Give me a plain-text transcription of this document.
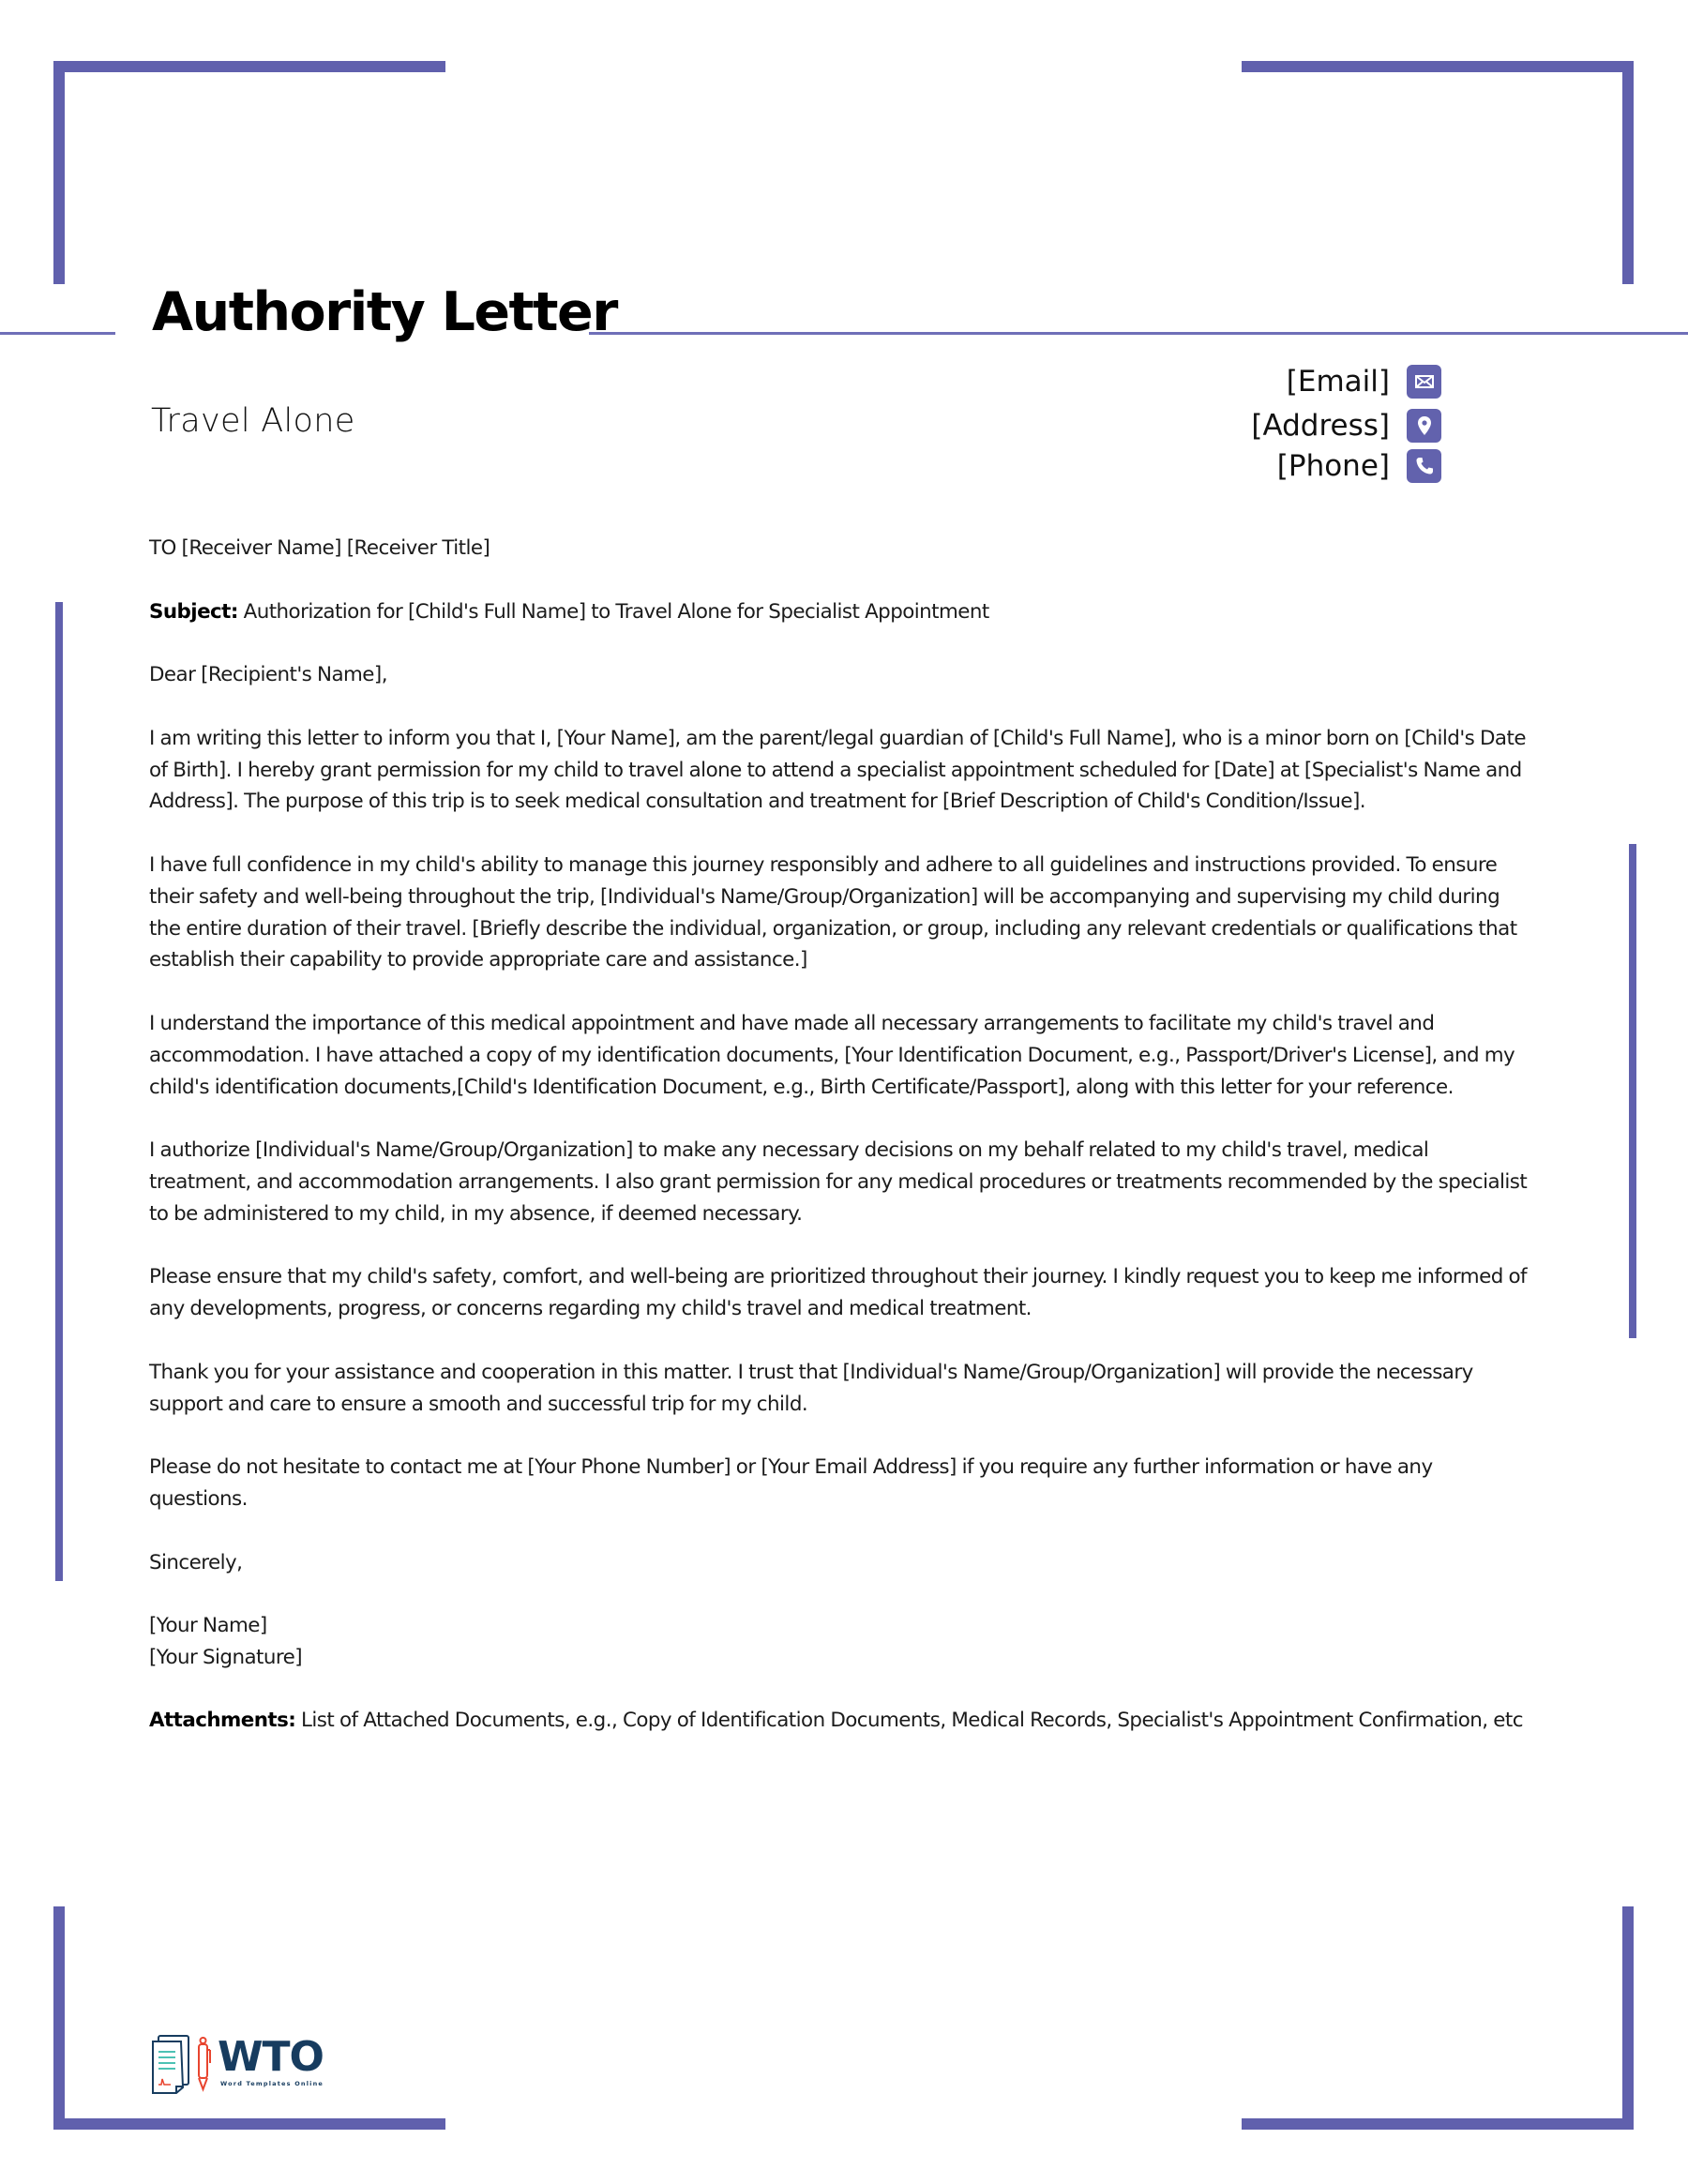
Authority Letter
Travel Alone
[Email]
[Address]
[Phone]

TO [Receiver Name] [Receiver Title]

Subject: Authorization for [Child's Full Name] to Travel Alone for Specialist Appointment

Dear [Recipient's Name],

I am writing this letter to inform you that I, [Your Name], am the parent/legal guardian of [Child's Full Name], who is a minor born on [Child's Date of Birth]. I hereby grant permission for my child to travel alone to attend a specialist appointment scheduled for [Date] at [Specialist's Name and Address]. The purpose of this trip is to seek medical consultation and treatment for [Brief Description of Child's Condition/Issue].

I have full confidence in my child's ability to manage this journey responsibly and adhere to all guidelines and instructions provided. To ensure their safety and well-being throughout the trip, [Individual's Name/Group/Organization] will be accompanying and supervising my child during the entire duration of their travel. [Briefly describe the individual, organization, or group, including any relevant credentials or qualifications that establish their capability to provide appropriate care and assistance.]

I understand the importance of this medical appointment and have made all necessary arrangements to facilitate my child's travel and accommodation. I have attached a copy of my identification documents, [Your Identification Document, e.g., Passport/Driver's License], and my child's identification documents,[Child's Identification Document, e.g., Birth Certificate/Passport], along with this letter for your reference.

I authorize [Individual's Name/Group/Organization] to make any necessary decisions on my behalf related to my child's travel, medical treatment, and accommodation arrangements. I also grant permission for any medical procedures or treatments recommended by the specialist to be administered to my child, in my absence, if deemed necessary.

Please ensure that my child's safety, comfort, and well-being are prioritized throughout their journey. I kindly request you to keep me informed of any developments, progress, or concerns regarding my child's travel and medical treatment.

Thank you for your assistance and cooperation in this matter. I trust that [Individual's Name/Group/Organization] will provide the necessary support and care to ensure a smooth and successful trip for my child.

Please do not hesitate to contact me at [Your Phone Number] or [Your Email Address] if you require any further information or have any questions.

Sincerely,

[Your Name]

[Your Signature]

Attachments: List of Attached Documents, e.g., Copy of Identification Documents, Medical Records, Specialist's Appointment Confirmation, etc

WTO
Word Templates Online
